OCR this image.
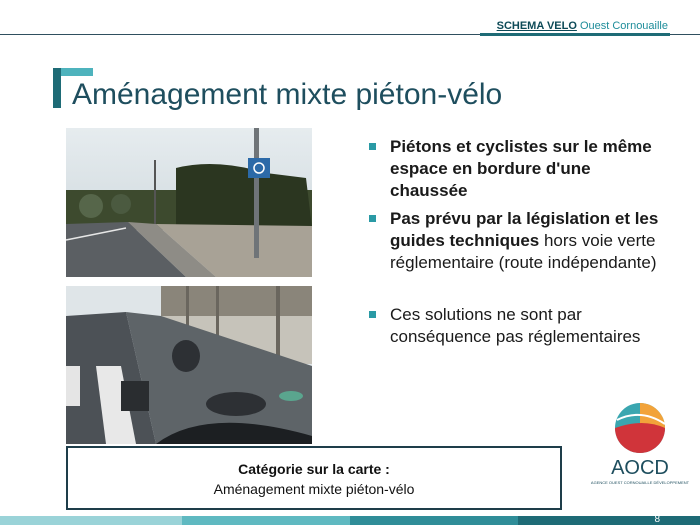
SCHEMA VELO Ouest Cornouaille
Aménagement mixte piéton-vélo
Piétons et cyclistes sur le même espace en bordure d'une chaussée
Pas prévu par la législation et les guides techniques hors voie verte réglementaire (route indépendante)
Ces solutions ne sont par conséquence pas réglementaires
Catégorie sur la carte :
Aménagement mixte piéton-vélo
AOCD
AGENCE OUEST CORNOUAILLE DÉVELOPPEMENT
8
